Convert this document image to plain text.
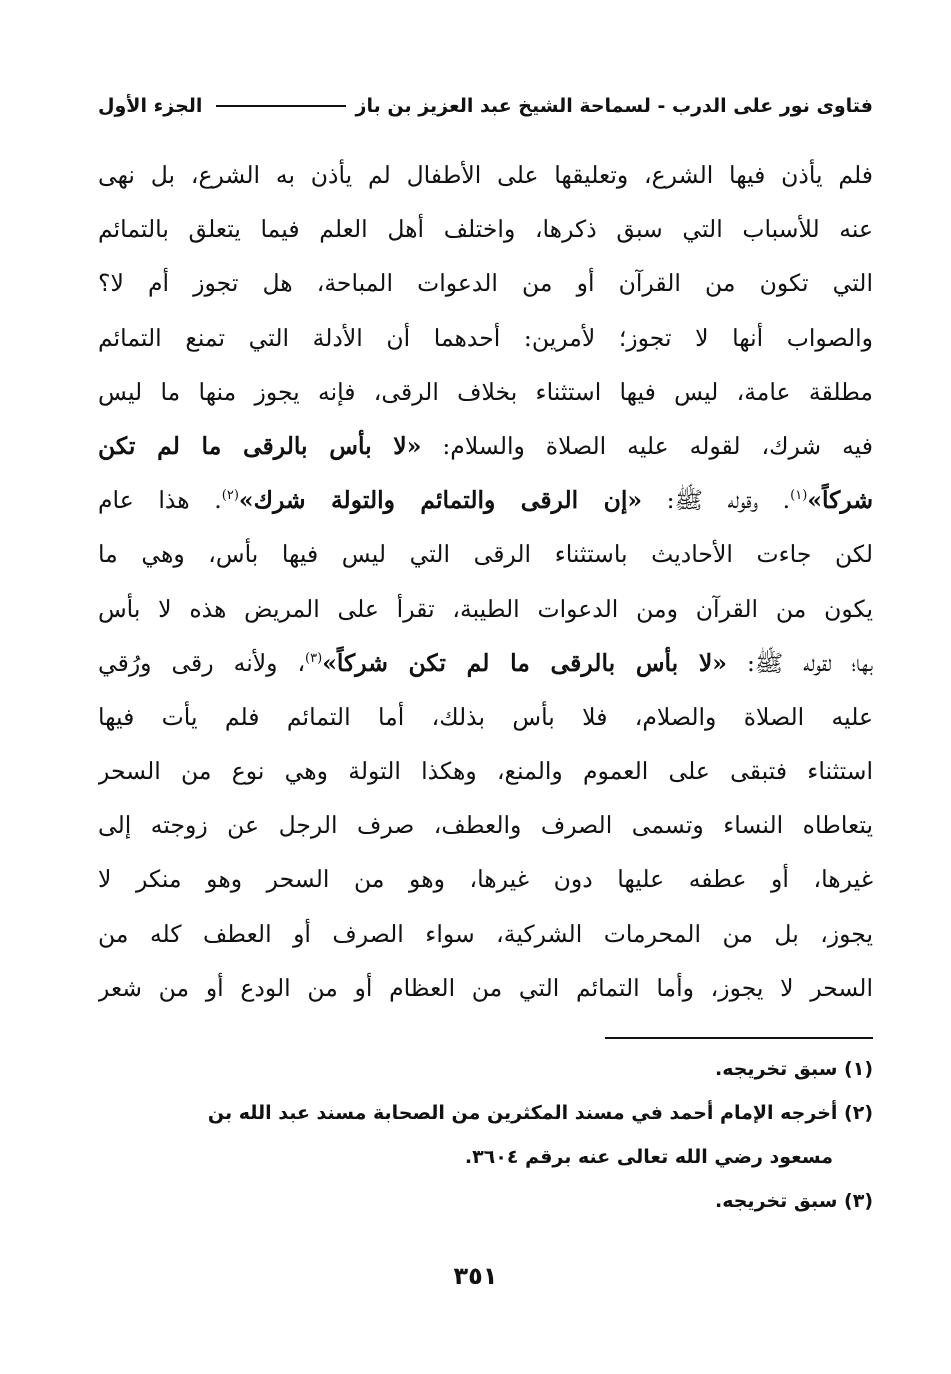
فتاوى نور على الدرب - لسماحة الشيخ عبد العزيز بن باز
الجزء الأول
فلم يأذن فيها الشرع، وتعليقها على الأطفال لم يأذن به الشرع، بل نهى
عنه للأسباب التي سبق ذكرها، واختلف أهل العلم فيما يتعلق بالتمائم
التي تكون من القرآن أو من الدعوات المباحة، هل تجوز أم لا؟
والصواب أنها لا تجوز؛ لأمرين: أحدهما أن الأدلة التي تمنع التمائم
مطلقة عامة، ليس فيها استثناء بخلاف الرقى، فإنه يجوز منها ما ليس
فيه شرك، لقوله عليه الصلاة والسلام: «لا بأس بالرقى ما لم تكن
شركاً»$^{(١)}$. وقوله ﷺ: «إن الرقى والتمائم والتولة شرك»$^{(٢)}$. هذا عام
لكن جاءت الأحاديث باستثناء الرقى التي ليس فيها بأس، وهي ما
يكون من القرآن ومن الدعوات الطيبة، تقرأ على المريض هذه لا بأس
بها؛ لقوله ﷺ: «لا بأس بالرقى ما لم تكن شركاً»$^{(٣)}$، ولأنه رقى ورُقي
عليه الصلاة والصلام، فلا بأس بذلك، أما التمائم فلم يأت فيها
استثناء فتبقى على العموم والمنع، وهكذا التولة وهي نوع من السحر
يتعاطاه النساء وتسمى الصرف والعطف، صرف الرجل عن زوجته إلى
غيرها، أو عطفه عليها دون غيرها، وهو من السحر وهو منكر لا
يجوز، بل من المحرمات الشركية، سواء الصرف أو العطف كله من
السحر لا يجوز، وأما التمائم التي من العظام أو من الودع أو من شعر
(١) سبق تخريجه.
(٢) أخرجه الإمام أحمد في مسند المكثرين من الصحابة مسند عبد الله بن
مسعود رضي الله تعالى عنه برقم ٣٦٠٤.
(٣) سبق تخريجه.
٣٥١
